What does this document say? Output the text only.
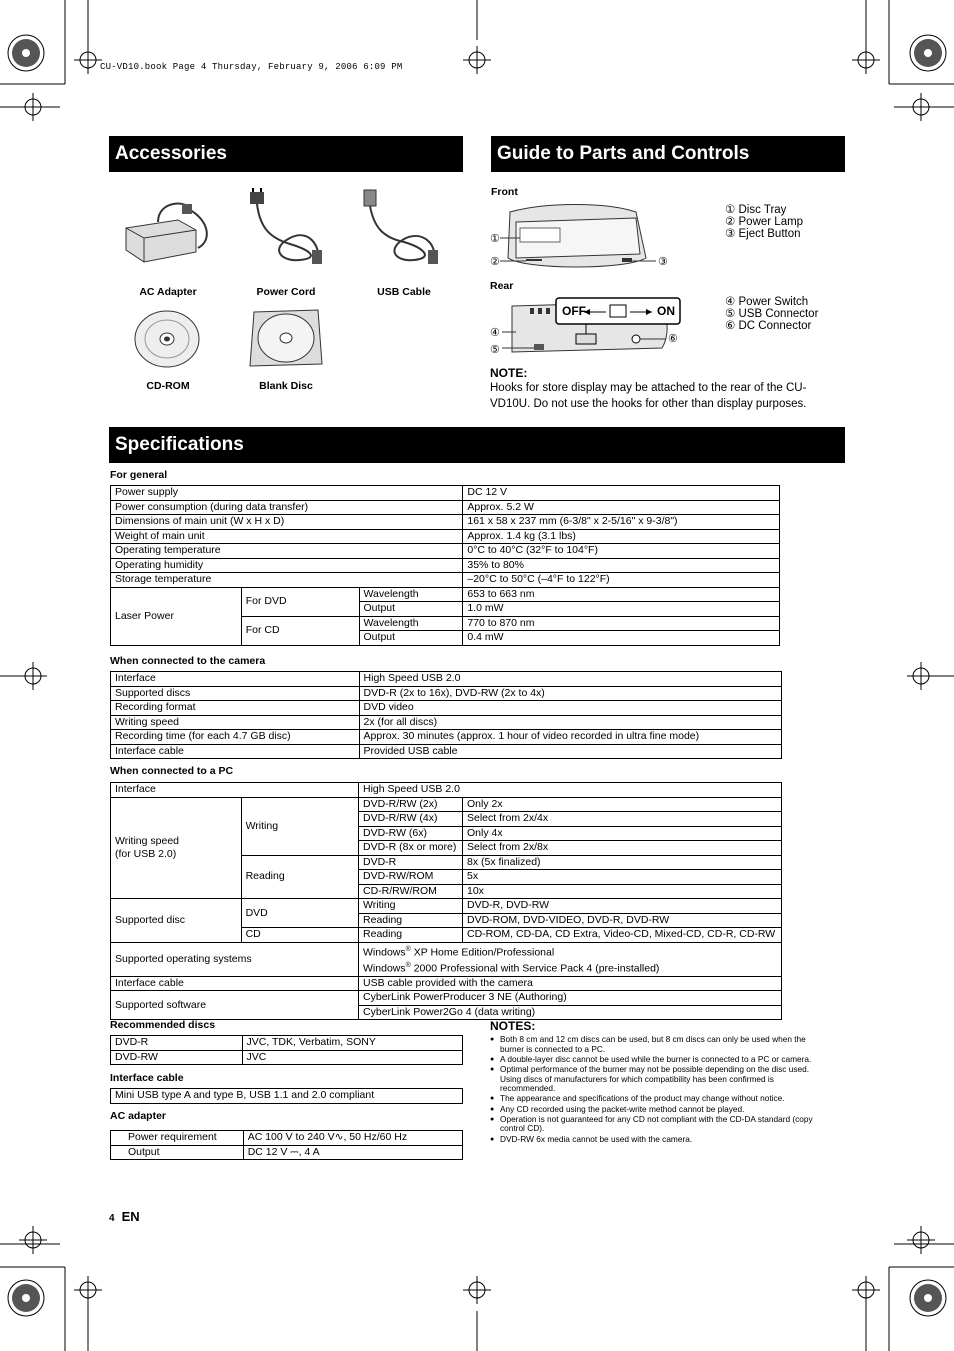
CU-VD10.book Page 4 Thursday, February 9, 2006 6:09 PM
Accessories	Guide to Parts and Controls
Specifications
AC Adapter	Power Cord	USB Cable
CD-ROM	Blank Disc
Front
①
②	③
① Disc Tray
② Power Lamp
③ Eject Button
Rear
OFF	ON
④
⑤
⑥
④ Power Switch
⑤ USB Connector
⑥ DC Connector
NOTE:
Hooks for store display may be attached to the rear of the CU-VD10U. Do not use the hooks for other than display purposes.
For general
Power supply			DC 12 V
Power consumption (during data transfer)			Approx. 5.2 W
Dimensions of main unit (W x H x D)			161 x 58 x 237 mm (6-3/8" x 2-5/16" x 9-3/8")
Weight of main unit			Approx. 1.4 kg (3.1 lbs)
Operating temperature			0°C to 40°C (32°F to 104°F)
Operating humidity			35% to 80%
Storage temperature			–20°C to 50°C (–4°F to 122°F)
Laser Power	For DVD	Wavelength	653 to 663 nm
		Output	1.0 mW
	For CD	Wavelength	770 to 870 nm
		Output	0.4 mW
When connected to the camera
Interface	High Speed USB 2.0
Supported discs	DVD-R (2x to 16x), DVD-RW (2x to 4x)
Recording format	DVD video
Writing speed	2x (for all discs)
Recording time (for each 4.7 GB disc)	Approx. 30 minutes (approx. 1 hour of video recorded in ultra fine mode)
Interface cable	Provided USB cable
When connected to a PC
Interface		High Speed USB 2.0	

Writing speed
(for USB 2.0)	Writing	DVD-R/RW (2x)	Only 2x
		DVD-R/RW (4x)	Select from 2x/4x
		DVD-RW (6x)	Only 4x
		DVD-R (8x or more)	Select from 2x/8x
	Reading	DVD-R	8x (5x finalized)
		DVD-RW/ROM	5x
		CD-R/RW/ROM	10x
Supported disc	DVD	Writing	DVD-R, DVD-RW
		Reading	DVD-ROM, DVD-VIDEO, DVD-R, DVD-RW
	CD	Reading	CD-ROM, CD-DA, CD Extra, Video-CD, Mixed-CD, CD-R, CD-RW
Supported operating systems		Windows® XP Home Edition/Professional
Windows® 2000 Professional with Service Pack 4 (pre-installed)	

Interface cable		USB cable provided with the camera	
Supported software		CyberLink PowerProducer 3 NE (Authoring)	
		CyberLink Power2Go 4 (data writing)	
Recommended discs
DVD-R	JVC, TDK, Verbatim, SONY
DVD-RW	JVC
Interface cable
Mini USB type A and type B, USB 1.1 and 2.0 compliant
AC adapter
Power requirement	AC 100 V to 240 V∿, 50 Hz/60 Hz
Output	DC 12 V ⎓, 4 A
NOTES:
● Both 8 cm and 12 cm discs can be used, but 8 cm discs can only be used when the burner is connected to a PC.
● A double-layer disc cannot be used while the burner is connected to a PC or camera.
● Optimal performance of the burner may not be possible depending on the disc used. Using discs of manufacturers for which compatibility has been confirmed is recommended.
● The appearance and specifications of the product may change without notice.
● Any CD recorded using the packet-write method cannot be played.
● Operation is not guaranteed for any CD not compliant with the CD-DA standard (copy control CD).
● DVD-RW 6x media cannot be used with the camera.
4 EN
